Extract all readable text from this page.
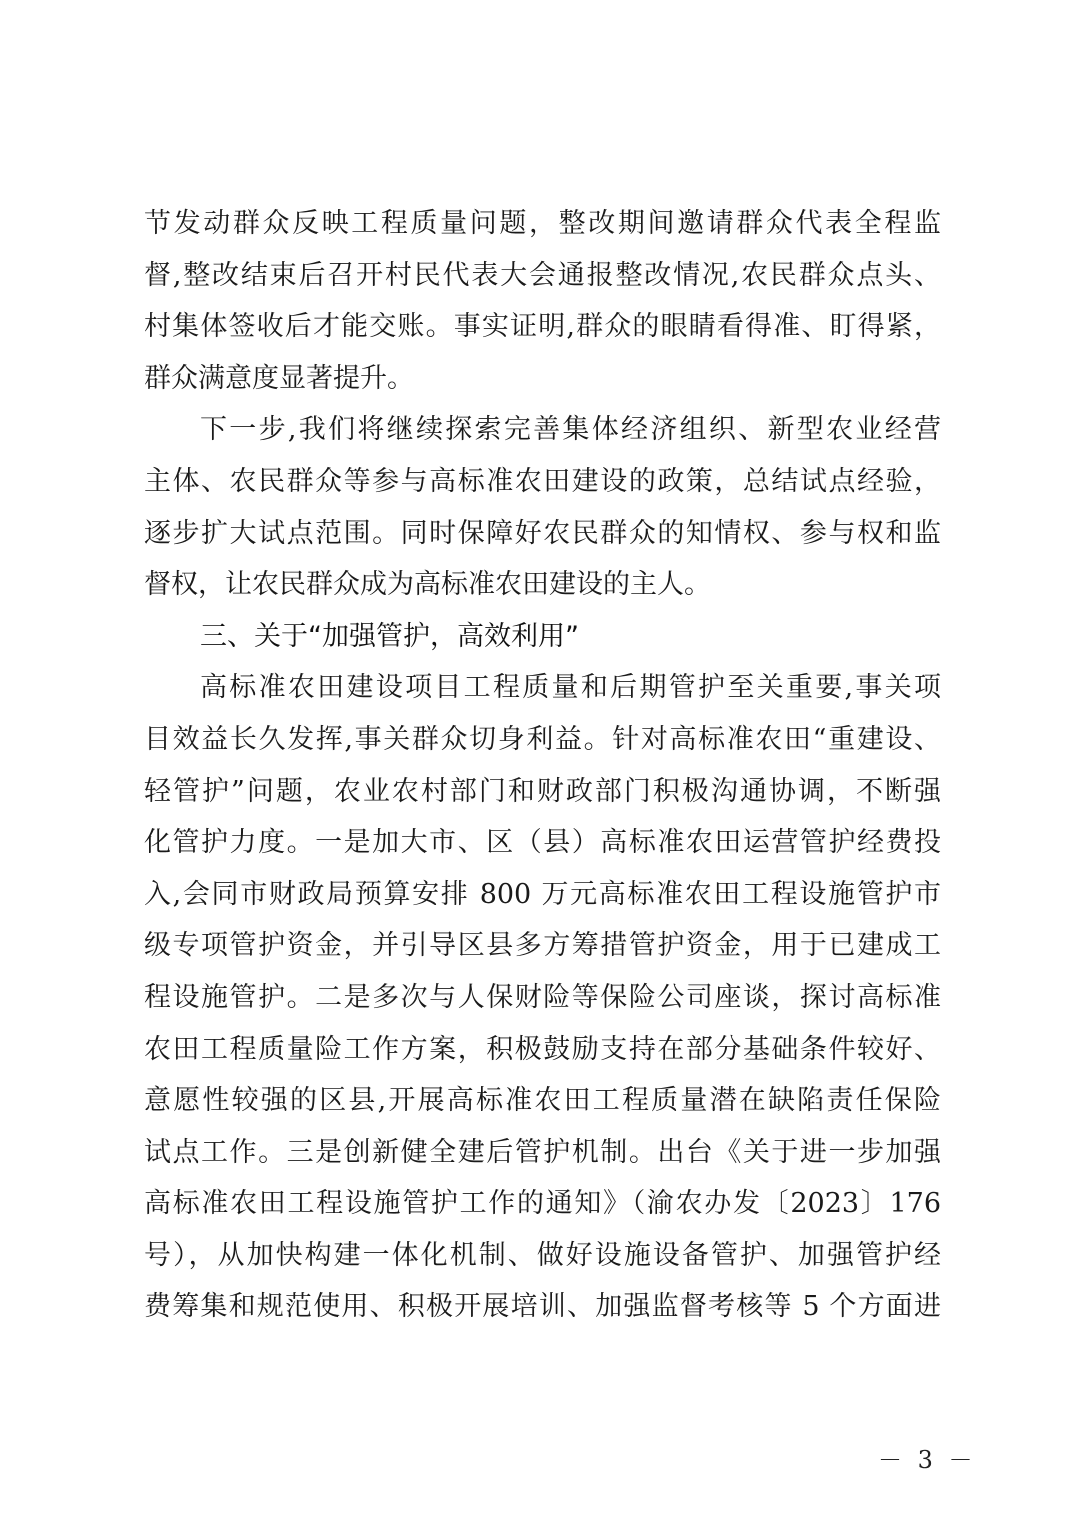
节发动群众反映工程质量问题，整改期间邀请群众代表全程监
督,整改结束后召开村民代表大会通报整改情况,农民群众点头、
村集体签收后才能交账。事实证明,群众的眼睛看得准、盯得紧，
群众满意度显著提升。
下一步,我们将继续探索完善集体经济组织、新型农业经营
主体、农民群众等参与高标准农田建设的政策，总结试点经验，
逐步扩大试点范围。同时保障好农民群众的知情权、参与权和监
督权，让农民群众成为高标准农田建设的主人。
三、关于“加强管护，高效利用”
高标准农田建设项目工程质量和后期管护至关重要,事关项
目效益长久发挥,事关群众切身利益。针对高标准农田“重建设、
轻管护”问题，农业农村部门和财政部门积极沟通协调，不断强
化管护力度。一是加大市、区（县）高标准农田运营管护经费投
入,会同市财政局预算安排 800 万元高标准农田工程设施管护市
级专项管护资金，并引导区县多方筹措管护资金，用于已建成工
程设施管护。二是多次与人保财险等保险公司座谈，探讨高标准
农田工程质量险工作方案，积极鼓励支持在部分基础条件较好、
意愿性较强的区县,开展高标准农田工程质量潜在缺陷责任保险
试点工作。三是创新健全建后管护机制。出台《关于进一步加强
高标准农田工程设施管护工作的通知》（渝农办发〔2023〕176
号），从加快构建一体化机制、做好设施设备管护、加强管护经
费筹集和规范使用、积极开展培训、加强监督考核等 5 个方面进
－ 3 －
